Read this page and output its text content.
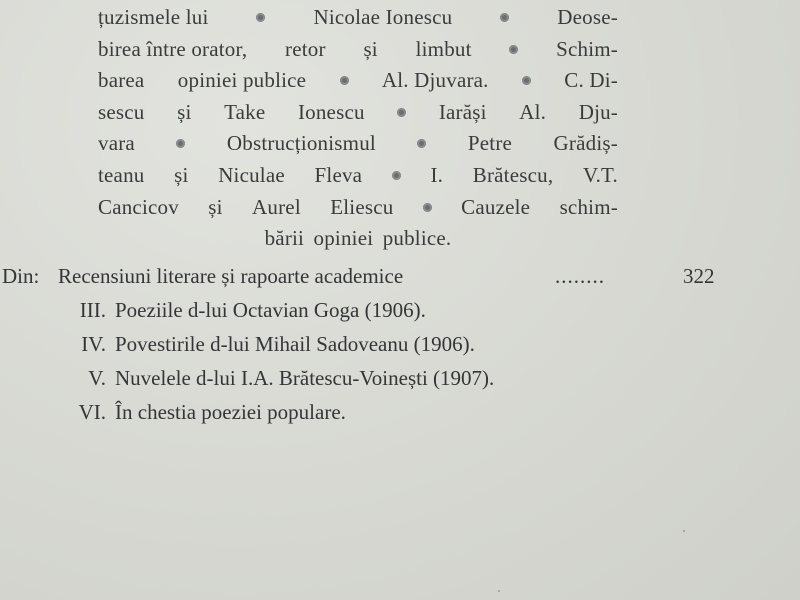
țuzismele lui	Nicolae Ionescu	Deose-
birea între orator, retor și limbut	Schim-
barea opiniei publice	Al. Djuvara.	C. Di-
sescu și Take Ionescu	Iarăși Al. Dju-
vara	Obstrucționismul	Petre Grădiș-
teanu și Niculae Fleva	I. Brătescu, V.T.
Cancicov și Aurel Eliescu	Cauzele schim-
bării opiniei publice.
Din: Recensiuni literare și rapoarte academice	........	322
III. Poeziile d-lui Octavian Goga (1906).
IV. Povestirile d-lui Mihail Sadoveanu (1906).
V. Nuvelele d-lui I.A. Brătescu-Voinești (1907).
VI. În chestia poeziei populare.
